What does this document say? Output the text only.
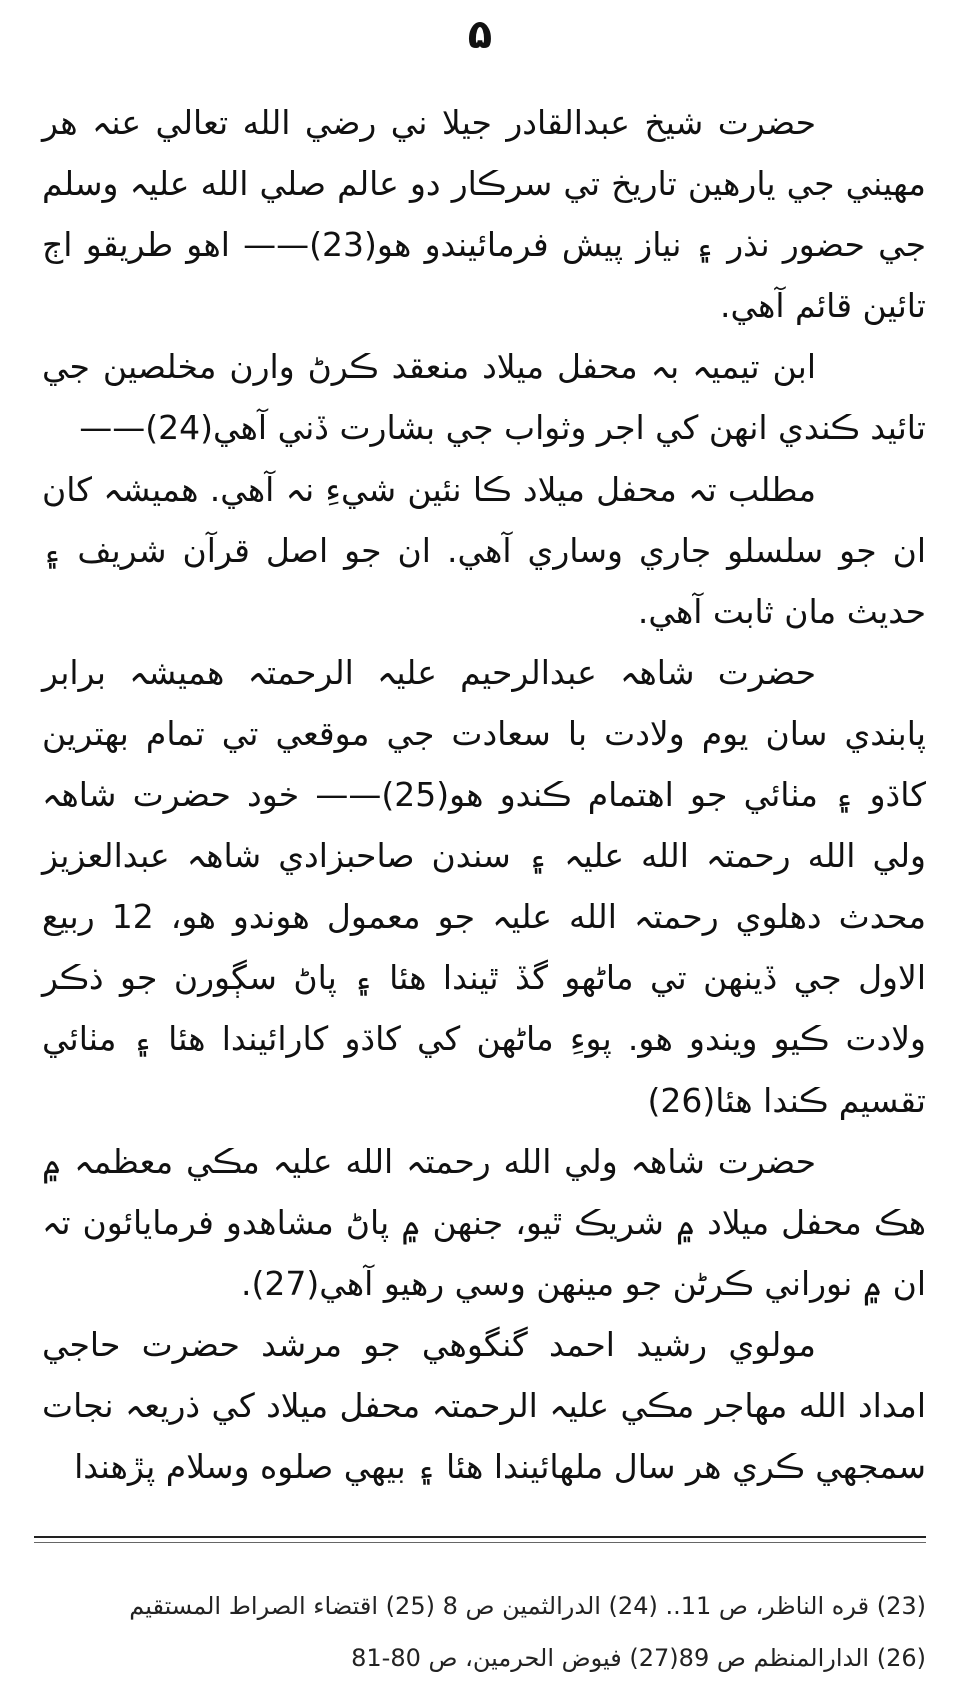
۵

حضرت شيخ عبدالقادر جيلا ني رضي الله تعالي عنہ هر مهيني جي يارهين تاريخ تي سرڪار دو عالم صلي الله عليہ وسلم جي حضور نذر ۽ نياز پيش فرمائيندو هو(23)—— اهو طريقو اڄ تائين قائم آهي.

ابن تيميہ بہ محفل ميلاد منعقد ڪرڻ وارن مخلصين جي تائيد ڪندي انهن کي اجر وثواب جي بشارت ڏني آهي(24)——

مطلب تہ محفل ميلاد ڪا نئين شيءِ نہ آهي. هميشہ کان ان جو سلسلو جاري وساري آهي. ان جو اصل قرآن شريف ۽ حديث مان ثابت آهي.

حضرت شاهہ عبدالرحيم عليہ الرحمتہ هميشہ برابر پابندي سان يوم ولادت با سعادت جي موقعي تي تمام بهترين کاڌو ۽ مٺائي جو اهتمام ڪندو هو(25)—— خود حضرت شاهہ ولي الله رحمتہ الله عليہ ۽ سندن صاحبزادي شاهہ عبدالعزيز محدث دهلوي رحمتہ الله عليہ جو معمول هوندو هو، 12 ربيع الاول جي ڏينهن تي ماڻهو گڏ ٿيندا هئا ۽ پاڻ سڳورن جو ذڪر ولادت ڪيو ويندو هو. پوءِ ماڻهن کي کاڌو کارائيندا هئا ۽ مٺائي تقسيم ڪندا هئا(26)

حضرت شاهہ ولي الله رحمتہ الله عليہ مڪي معظمہ ۾ هڪ محفل ميلاد ۾ شريڪ ٿيو، جنهن ۾ پاڻ مشاهدو فرمايائون تہ ان ۾ نوراني ڪرڻن جو مينهن وسي رهيو آهي(27).

مولوي رشيد احمد گنگوهي جو مرشد حضرت حاجي امداد الله مهاجر مڪي عليہ الرحمتہ محفل ميلاد کي ذريعہ نجات سمجهي ڪري هر سال ملهائيندا هئا ۽ بيهي صلوه وسلام پڙهندا

(23) قره الناظر، ص 11.. (24) الدرالثمين ص 8 (25) اقتضاء الصراط المستقيم

(26) الدارالمنظم ص 89(27) فيوض الحرمين، ص 80-81
